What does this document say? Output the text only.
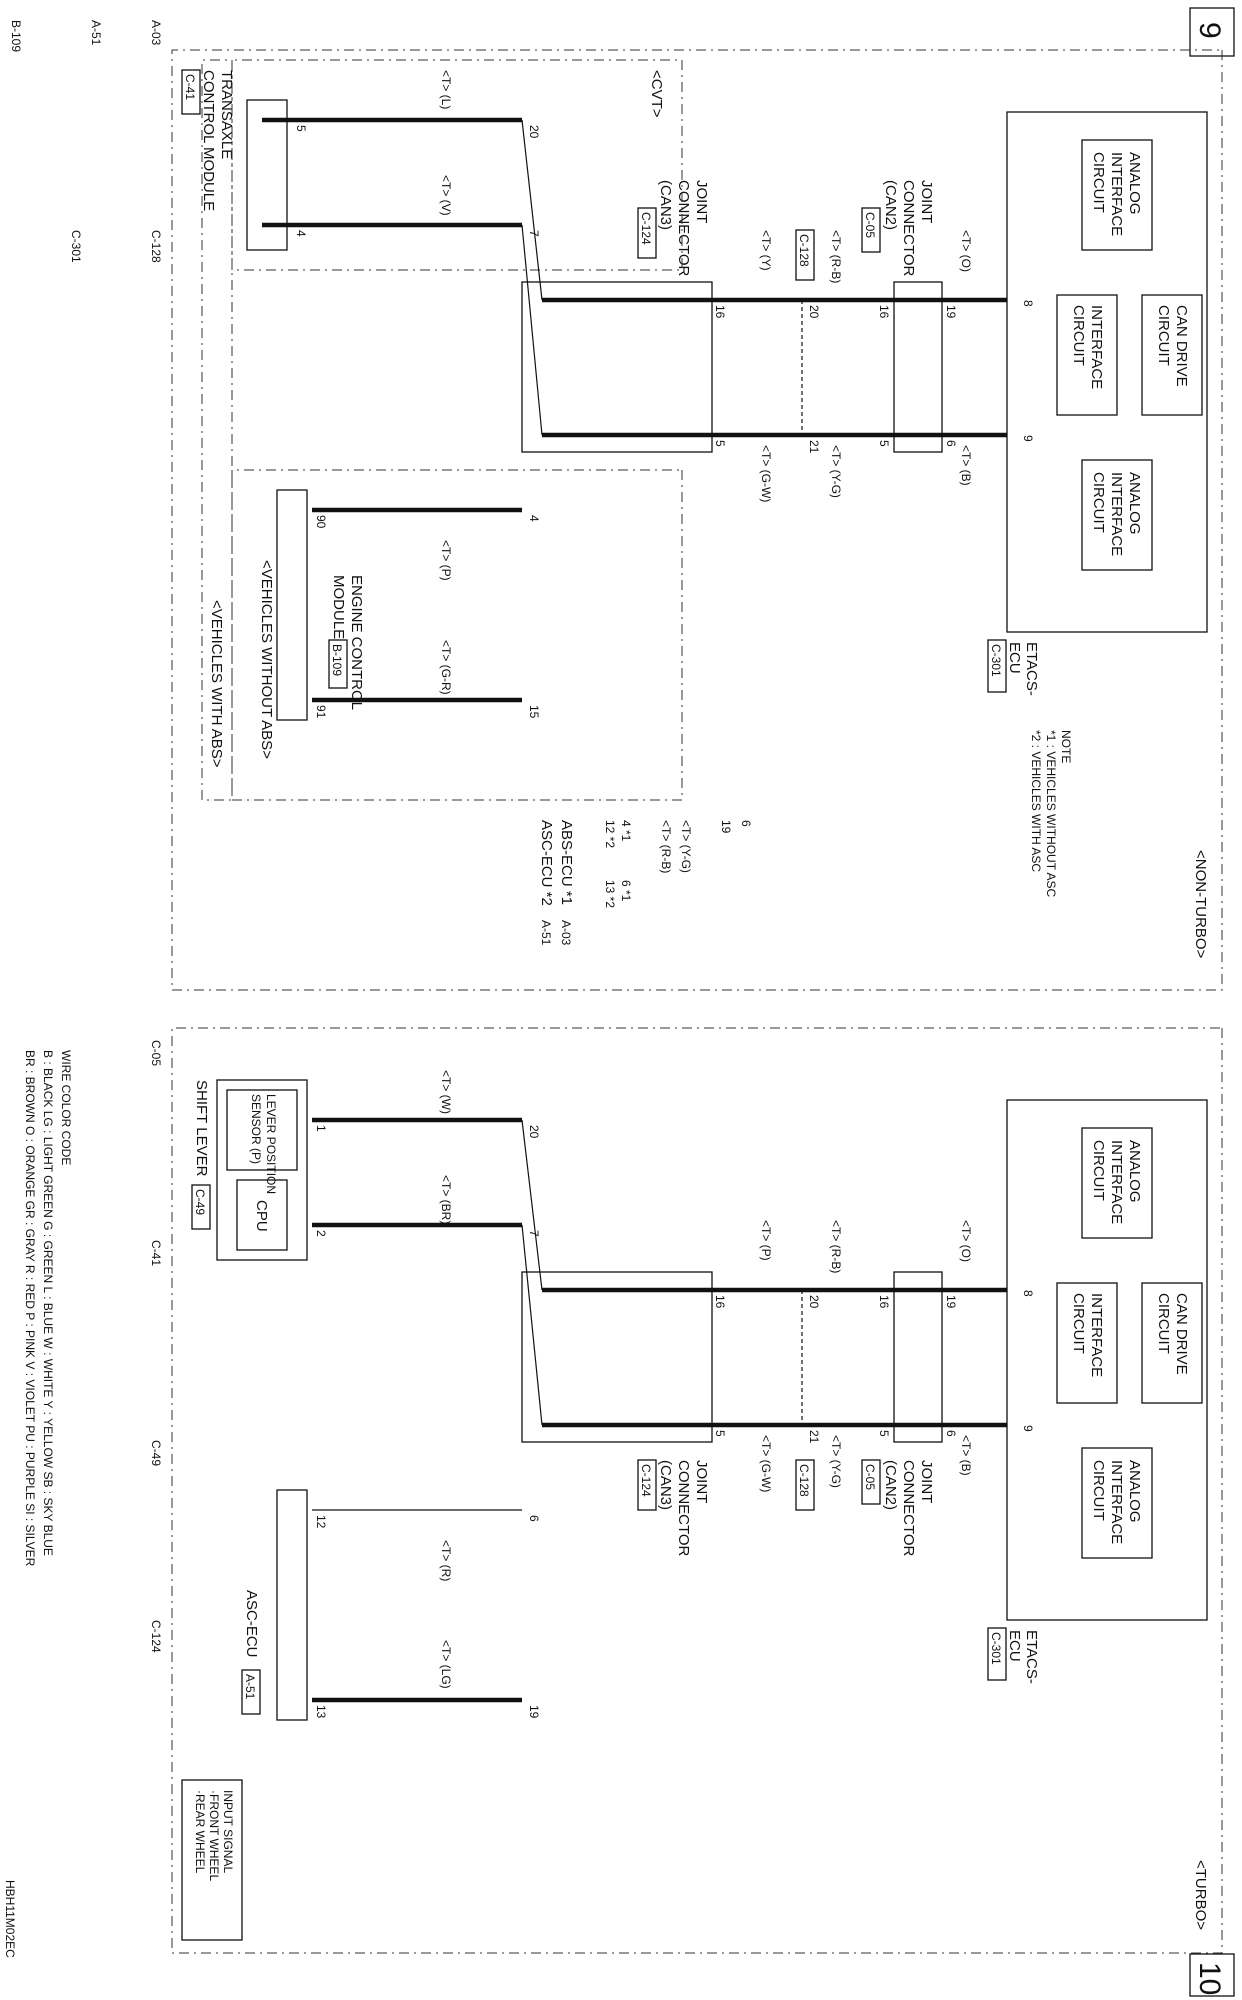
9
10
<NON-TURBO>
<TURBO>
ANALOG
INTERFACE
CIRCUIT
INTERFACE
CIRCUIT	CAN DRIVE
CIRCUIT
ANALOG
INTERFACE
CIRCUIT
ETACS-
ECU
C-301
8
9
NOTE
*1 : VEHICLES WITHOUT ASC
*2 : VEHICLES WITH ASC
<T> (O)
<T> (B)
JOINT
CONNECTOR
(CAN2)
C-05
19
6
16
5
<T> (R-B)
<T> (Y-G)
C-128
20
21
<T> (Y)
<T> (G-W)
JOINT
CONNECTOR
(CAN3)
C-124
16
5
<CVT>
20
7
<T> (L)
<T> (V)
5
4
TRANSAXLE
CONTROL MODULE
C-41
<VEHICLES WITHOUT ABS>
4
15
<T> (P)
<T> (G-R)
90
91
ENGINE CONTROL
MODULE
B-109
<VEHICLES WITH ABS>
6
19
<T> (Y-G)
<T> (R-B)
4 *1
12 *2
6 *1
13 *2
ABS-ECU *1
ASC-ECU *2
A-03
A-51
ANALOG
INTERFACE
CIRCUIT
INTERFACE
CIRCUIT	CAN DRIVE
CIRCUIT
ANALOG
INTERFACE
CIRCUIT
ETACS-
ECU
C-301
8
9
<T> (O)
<T> (B)
19
6
16
5
JOINT
CONNECTOR
(CAN2)
C-05
<T> (R-B)
<T> (Y-G)
20
21
C-128
<T> (P)
<T> (G-W)
16
5
JOINT
CONNECTOR
(CAN3)
C-124
20
7
<T> (W)
<T> (BR)
1
2
LEVER POSITION
SENSOR (P)
CPU
SHIFT LEVER
C-49
6
19
<T> (R)
<T> (LG)
12
13
ASC-ECU
A-51
INPUT SIGNAL
·FRONT WHEEL
·REAR WHEEL
A-03
A-51
B-109
C-128
C-301
C-05
C-41
C-49
C-124
WIRE COLOR CODE
B : BLACK LG : LIGHT GREEN G : GREEN L : BLUE W : WHITE Y : YELLOW SB : SKY BLUE
BR : BROWN O : ORANGE GR : GRAY R : RED P : PINK V : VIOLET PU : PURPLE SI : SILVER
HBH11M02EC
